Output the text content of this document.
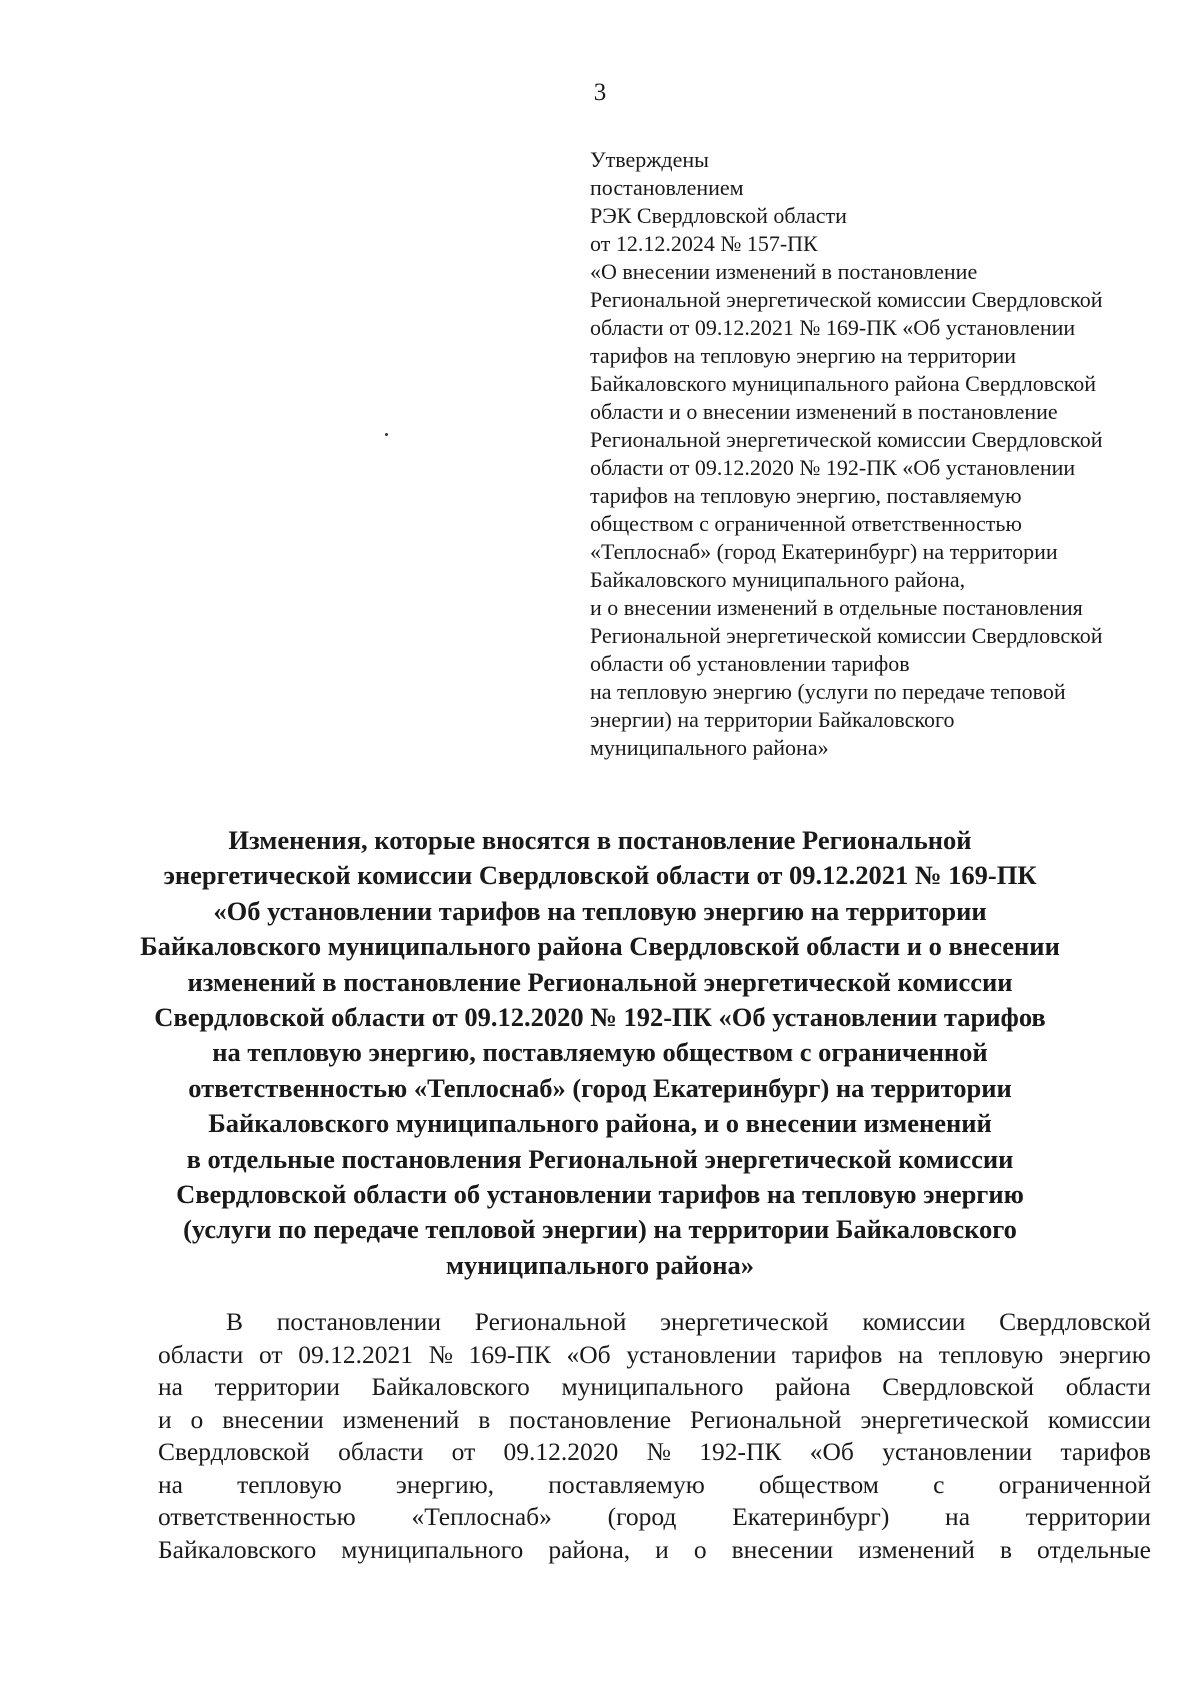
3
Утверждены
постановлением
РЭК Свердловской области
от 12.12.2024 № 157-ПК
«О внесении изменений в постановление
Региональной энергетической комиссии Свердловской
области от 09.12.2021 № 169-ПК «Об установлении
тарифов на тепловую энергию на территории
Байкаловского муниципального района Свердловской
области и о внесении изменений в постановление
Региональной энергетической комиссии Свердловской
области от 09.12.2020 № 192-ПК «Об установлении
тарифов на тепловую энергию, поставляемую
обществом с ограниченной ответственностью
«Теплоснаб» (город Екатеринбург) на территории
Байкаловского муниципального района,
и о внесении изменений в отдельные постановления
Региональной энергетической комиссии Свердловской
области об установлении тарифов
на тепловую энергию (услуги по передаче теповой
энергии) на территории Байкаловского
муниципального района»
Изменения, которые вносятся в постановление Региональной
энергетической комиссии Свердловской области от 09.12.2021 № 169-ПК
«Об установлении тарифов на тепловую энергию на территории
Байкаловского муниципального района Свердловской области и о внесении
изменений в постановление Региональной энергетической комиссии
Свердловской области от 09.12.2020 № 192-ПК «Об установлении тарифов
на тепловую энергию, поставляемую обществом с ограниченной
ответственностью «Теплоснаб» (город Екатеринбург) на территории
Байкаловского муниципального района, и о внесении изменений
в отдельные постановления Региональной энергетической комиссии
Свердловской области об установлении тарифов на тепловую энергию
(услуги по передаче тепловой энергии) на территории Байкаловского
муниципального района»
В постановлении Региональной энергетической комиссии Свердловской
области от 09.12.2021 № 169-ПК «Об установлении тарифов на тепловую энергию
на территории Байкаловского муниципального района Свердловской области
и о внесении изменений в постановление Региональной энергетической комиссии
Свердловской области от 09.12.2020 № 192-ПК «Об установлении тарифов
на тепловую энергию, поставляемую обществом с ограниченной
ответственностью «Теплоснаб» (город Екатеринбург) на территории
Байкаловского муниципального района, и о внесении изменений в отдельные
